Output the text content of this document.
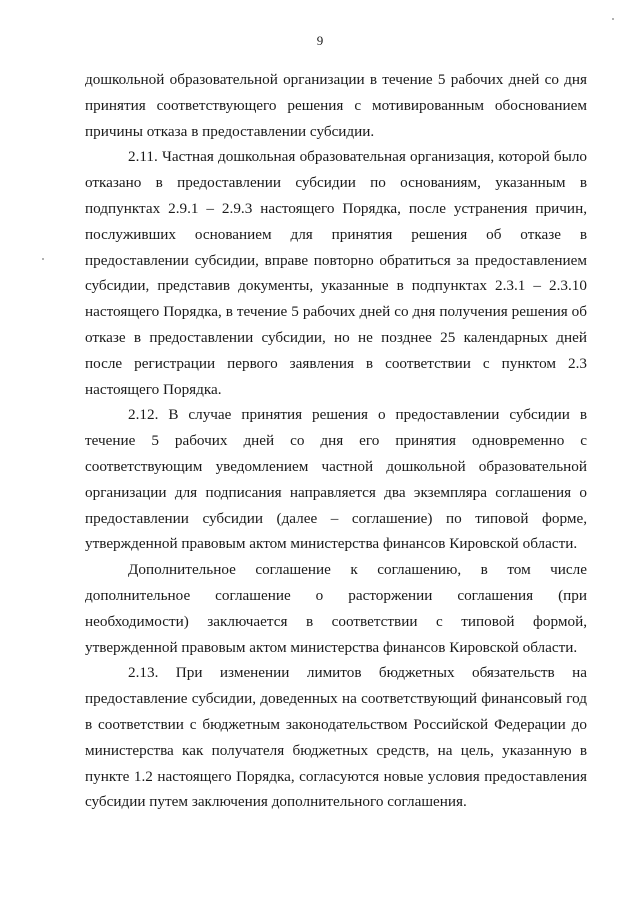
9

дошкольной образовательной организации в течение 5 рабочих дней со дня принятия соответствующего решения с мотивированным обоснованием причины отказа в предоставлении субсидии.

2.11. Частная дошкольная образовательная организация, которой было отказано в предоставлении субсидии по основаниям, указанным в подпунктах 2.9.1 – 2.9.3 настоящего Порядка, после устранения причин, послуживших основанием для принятия решения об отказе в предоставлении субсидии, вправе повторно обратиться за предоставлением субсидии, представив документы, указанные в подпунктах 2.3.1 – 2.3.10 настоящего Порядка, в течение 5 рабочих дней со дня получения решения об отказе в предоставлении субсидии, но не позднее 25 календарных дней после регистрации первого заявления в соответствии с пунктом 2.3 настоящего Порядка.

2.12. В случае принятия решения о предоставлении субсидии в течение 5 рабочих дней со дня его принятия одновременно с соответствующим уведомлением частной дошкольной образовательной организации для подписания направляется два экземпляра соглашения о предоставлении субсидии (далее – соглашение) по типовой форме, утвержденной правовым актом министерства финансов Кировской области.

Дополнительное соглашение к соглашению, в том числе дополнительное соглашение о расторжении соглашения (при необходимости) заключается в соответствии с типовой формой, утвержденной правовым актом министерства финансов Кировской области.

2.13. При изменении лимитов бюджетных обязательств на предоставление субсидии, доведенных на соответствующий финансовый год в соответствии с бюджетным законодательством Российской Федерации до министерства как получателя бюджетных средств, на цель, указанную в пункте 1.2 настоящего Порядка, согласуются новые условия предоставления субсидии путем заключения дополнительного соглашения.
